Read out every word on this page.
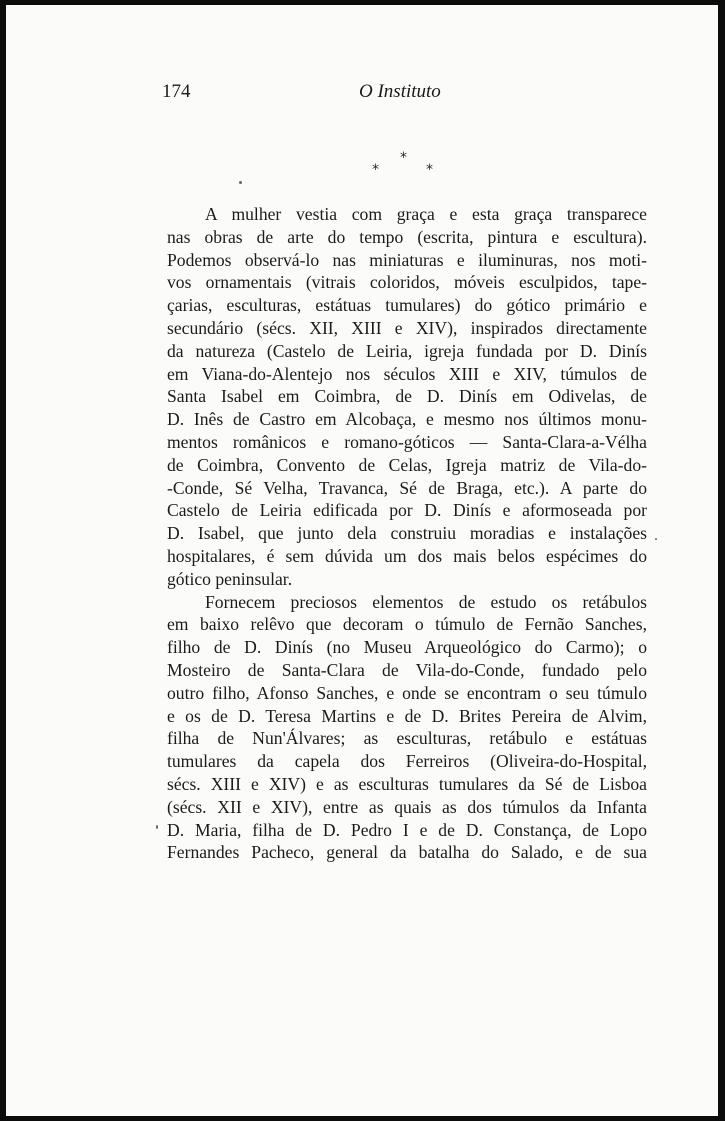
174	O Instituto
*
*	*
A mulher vestia com graça e esta graça transparece
nas obras de arte do tempo (escrita, pintura e escultura).
Podemos observá-lo nas miniaturas e iluminuras, nos moti-
vos ornamentais (vitrais coloridos, móveis esculpidos, tape-
çarias, esculturas, estátuas tumulares) do gótico primário e
secundário (sécs. XII, XIII e XIV), inspirados directamente
da natureza (Castelo de Leiria, igreja fundada por D. Dinís
em Viana-do-Alentejo nos séculos XIII e XIV, túmulos de
Santa Isabel em Coimbra, de D. Dinís em Odivelas, de
D. Inês de Castro em Alcobaça, e mesmo nos últimos monu-
mentos românicos e romano-góticos — Santa-Clara-a-Vélha
de Coimbra, Convento de Celas, Igreja matriz de Vila-do-
-Conde, Sé Velha, Travanca, Sé de Braga, etc.). A parte do
Castelo de Leiria edificada por D. Dinís e aformoseada por
D. Isabel, que junto dela construiu moradias e instalações
hospitalares, é sem dúvida um dos mais belos espécimes do
gótico peninsular.
Fornecem preciosos elementos de estudo os retábulos
em baixo relêvo que decoram o túmulo de Fernão Sanches,
filho de D. Dinís (no Museu Arqueológico do Carmo); o
Mosteiro de Santa-Clara de Vila-do-Conde, fundado pelo
outro filho, Afonso Sanches, e onde se encontram o seu túmulo
e os de D. Teresa Martins e de D. Brites Pereira de Alvim,
filha de Nun'Álvares; as esculturas, retábulo e estátuas
tumulares da capela dos Ferreiros (Oliveira-do-Hospital,
sécs. XIII e XIV) e as esculturas tumulares da Sé de Lisboa
(sécs. XII e XIV), entre as quais as dos túmulos da Infanta
D. Maria, filha de D. Pedro I e de D. Constança, de Lopo
Fernandes Pacheco, general da batalha do Salado, e de sua
